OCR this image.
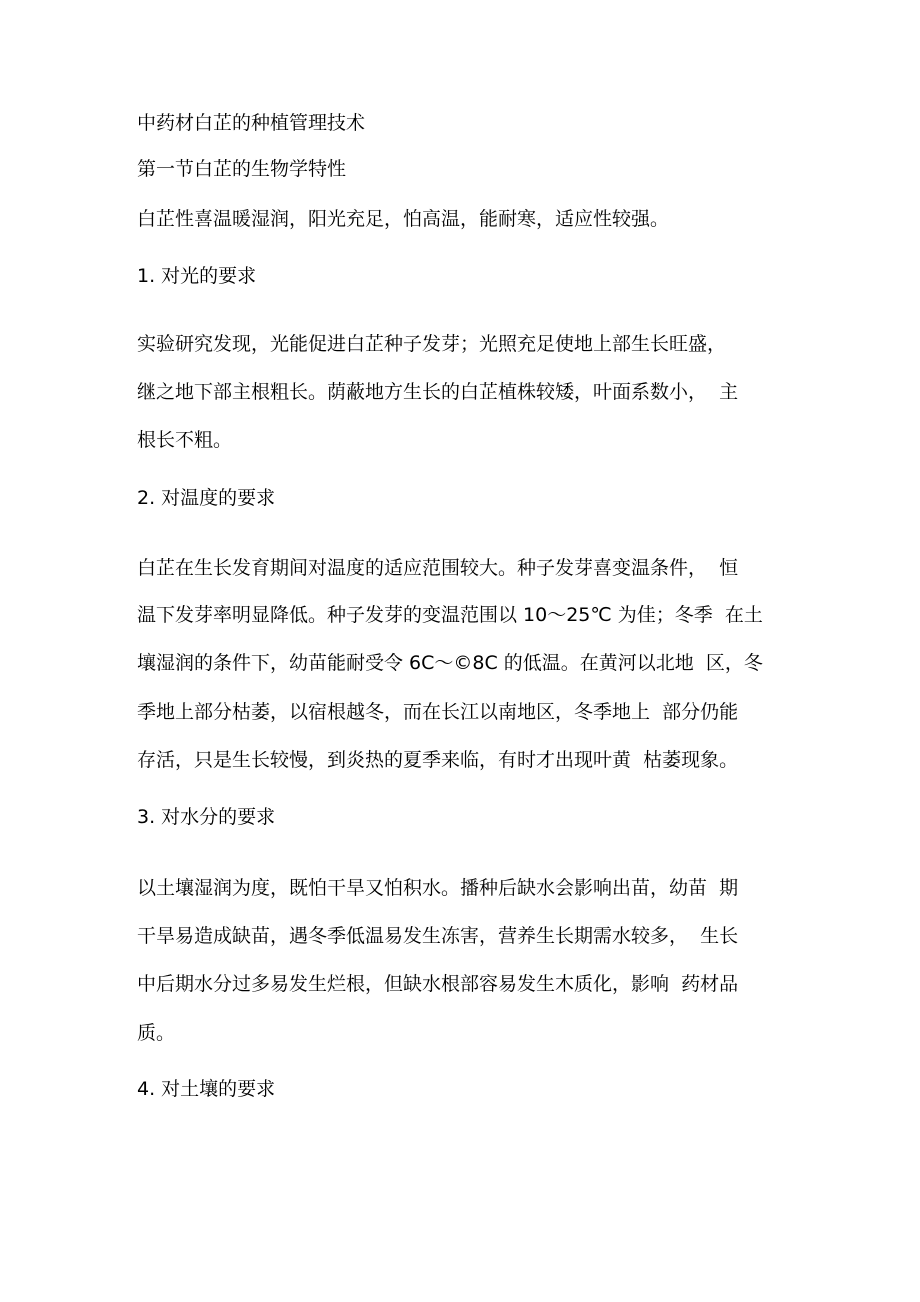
中药材白芷的种植管理技术
第一节白芷的生物学特性
白芷性喜温暖湿润，阳光充足，怕高温，能耐寒，适应性较强。
1. 对光的要求
实验研究发现，光能促进白芷种子发芽；光照充足使地上部生长旺盛，
继之地下部主根粗长。荫蔽地方生长的白芷植株较矮，叶面系数小，  主
根长不粗。
2. 对温度的要求
白芷在生长发育期间对温度的适应范围较大。种子发芽喜变温条件，  恒
温下发芽率明显降低。种子发芽的变温范围以 10〜25℃ 为佳；冬季  在土
壤湿润的条件下，幼苗能耐受令 6C〜©8C 的低温。在黄河以北地  区，冬
季地上部分枯萎，以宿根越冬，而在长江以南地区，冬季地上  部分仍能
存活，只是生长较慢，到炎热的夏季来临，有时才出现叶黄  枯萎现象。
3. 对水分的要求
以土壤湿润为度，既怕干旱又怕积水。播种后缺水会影响出苗，幼苗  期
干旱易造成缺苗，遇冬季低温易发生冻害，营养生长期需水较多，  生长
中后期水分过多易发生烂根，但缺水根部容易发生木质化，影响  药材品
质。
4. 对土壤的要求
